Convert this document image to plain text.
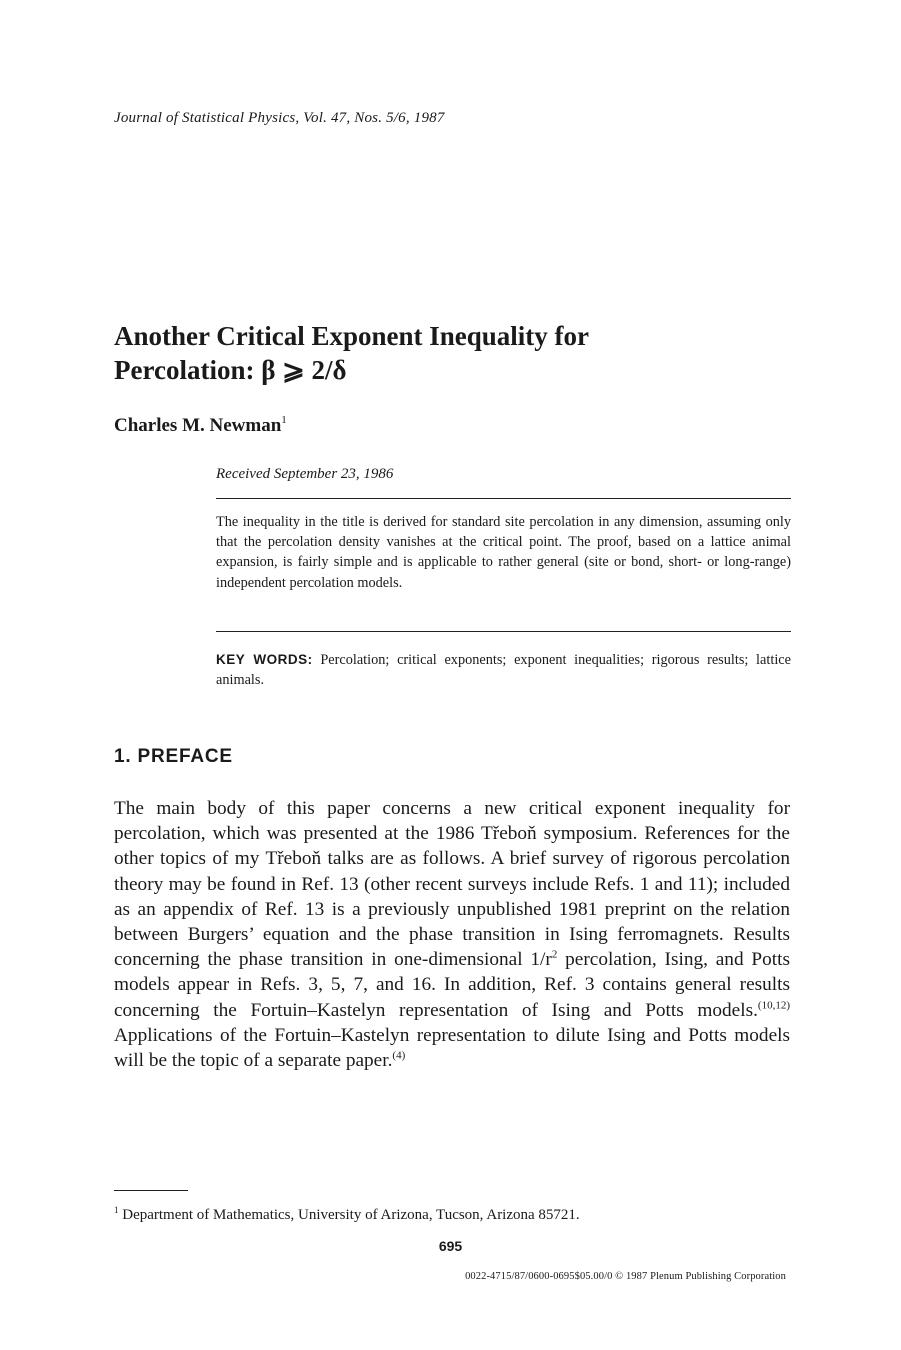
Journal of Statistical Physics, Vol. 47, Nos. 5/6, 1987
Another Critical Exponent Inequality for
Percolation: β ⩾ 2/δ
Charles M. Newman$^1$
Received September 23, 1986

The inequality in the title is derived for standard site percolation in any dimension, assuming only that the percolation density vanishes at the critical point. The proof, based on a lattice animal expansion, is fairly simple and is applicable to rather general (site or bond, short- or long-range) independent percolation models.

KEY WORDS: Percolation; critical exponents; exponent inequalities; rigorous results; lattice animals.

1. PREFACE

The main body of this paper concerns a new critical exponent inequality for percolation, which was presented at the 1986 Třeboň symposium. References for the other topics of my Třeboň talks are as follows. A brief survey of rigorous percolation theory may be found in Ref. 13 (other recent surveys include Refs. 1 and 11); included as an appendix of Ref. 13 is a previously unpublished 1981 preprint on the relation between Burgers’ equation and the phase transition in Ising ferromagnets. Results concerning the phase transition in one-dimensional $1/r^2$ percolation, Ising, and Potts models appear in Refs. 3, 5, 7, and 16. In addition, Ref. 3 contains general results concerning the Fortuin–Kastelyn representation of Ising and Potts models.$^{(10,12)}$ Applications of the Fortuin–Kastelyn representation to dilute Ising and Potts models will be the topic of a separate paper.$^{(4)}$

$^1$ Department of Mathematics, University of Arizona, Tucson, Arizona 85721.
695
0022-4715/87/0600-0695$05.00/0 © 1987 Plenum Publishing Corporation
